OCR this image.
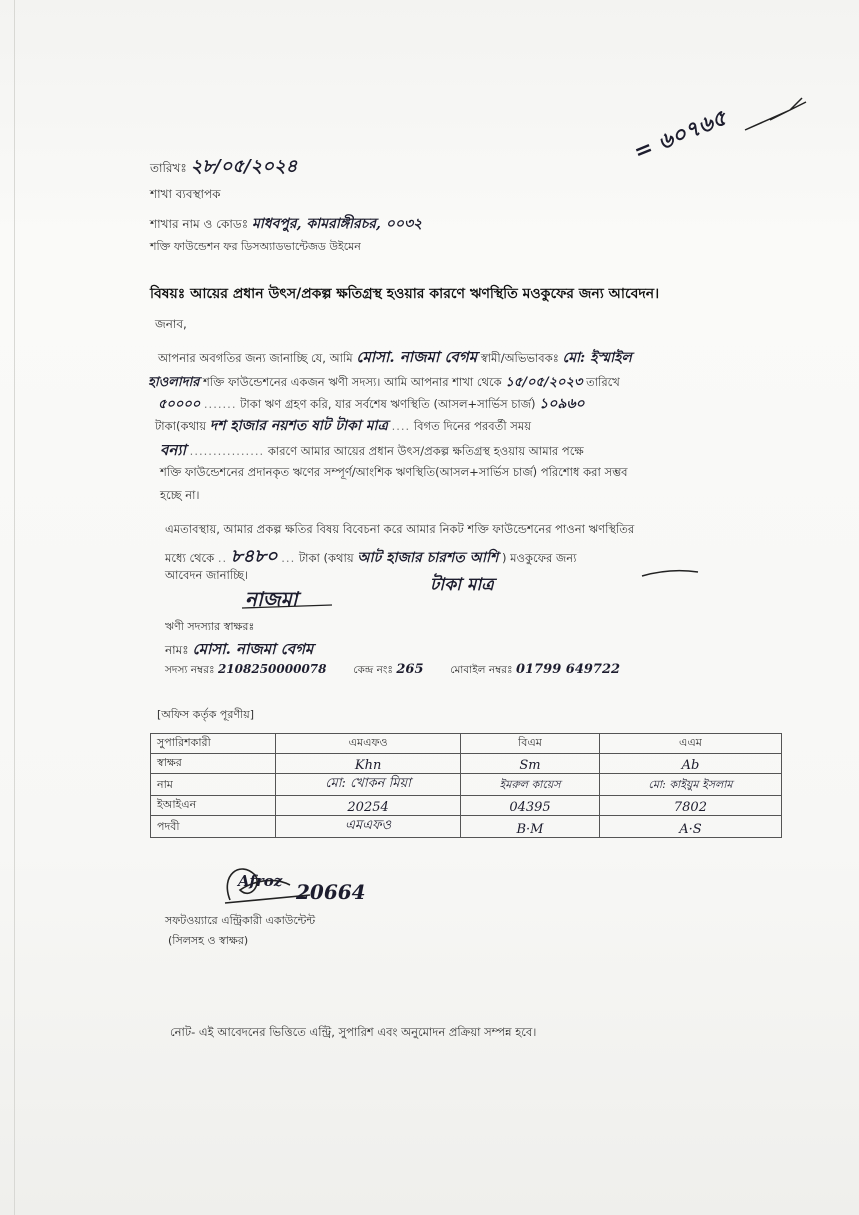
= ৬০৭৬৫
তারিখঃ ২৮/০৫/২০২৪
শাখা ব্যবস্থাপক
শাখার নাম ও কোডঃ মাধবপুর, কামরাঙ্গীরচর, ০০৩২
শক্তি ফাউন্ডেশন ফর ডিসঅ্যাডভান্টেজড উইমেন
বিষয়ঃ আয়ের প্রধান উৎস/প্রকল্প ক্ষতিগ্রস্থ হওয়ার কারণে ঋণস্থিতি মওকুফের জন্য আবেদন।
জনাব,
আপনার অবগতির জন্য জানাচ্ছি যে, আমি মোসা. নাজমা বেগম স্বামী/অভিভাবকঃ মো: ইস্মাইল
হাওলাদার শক্তি ফাউন্ডেশনের একজন ঋণী সদস্য। আমি আপনার শাখা থেকে ১৫/০৫/২০২৩ তারিখে
৫০০০০ ....... টাকা ঋণ গ্রহণ করি, যার সর্বশেষ ঋণস্থিতি (আসল+সার্ভিস চার্জ) ১০৯৬০
টাকা(কথায় দশ হাজার নয়শত ষাট টাকা মাত্র .... বিগত দিনের পরবর্তী সময়
বন্যা ................ কারণে আমার আয়ের প্রধান উৎস/প্রকল্প ক্ষতিগ্রস্থ হওয়ায় আমার পক্ষে
শক্তি ফাউন্ডেশনের প্রদানকৃত ঋণের সম্পূর্ণ/আংশিক ঋণস্থিতি(আসল+সার্ভিস চার্জ) পরিশোধ করা সম্ভব
হচ্ছে না।
এমতাবস্থায়, আমার প্রকল্প ক্ষতির বিষয় বিবেচনা করে আমার নিকট শক্তি ফাউন্ডেশনের পাওনা ঋণস্থিতির
মধ্যে থেকে .. ৮৪৮০ ... টাকা (কথায় আট হাজার চারশত আশি ) মওকুফের জন্য
আবেদন জানাচ্ছি।	টাকা মাত্র
নাজমা
ঋণী সদস্যার স্বাক্ষরঃ
নামঃ মোসা. নাজমা বেগম
সদস্য নম্বরঃ 2108250000078	কেন্দ্র নংঃ 265	মোবাইল নম্বরঃ 01799 649722
[অফিস কর্তৃক পূরণীয়]
সুপারিশকারী	এমএফও	বিএম	এএম
স্বাক্ষর	Khn	Sm	Ab
নাম	মো: খোকন মিয়া	ইমরুল কায়েস	মো: কাইয়ুম ইসলাম
ইআইএন	20254	04395	7802
পদবী	এমএফও	B·M	A·S
Afroz 20664
সফটওয়্যারে এন্ট্রিকারী একাউন্টেন্ট
(সিলসহ ও স্বাক্ষর)
নোট- এই আবেদনের ভিত্তিতে এন্ট্রি, সুপারিশ এবং অনুমোদন প্রক্রিয়া সম্পন্ন হবে।
